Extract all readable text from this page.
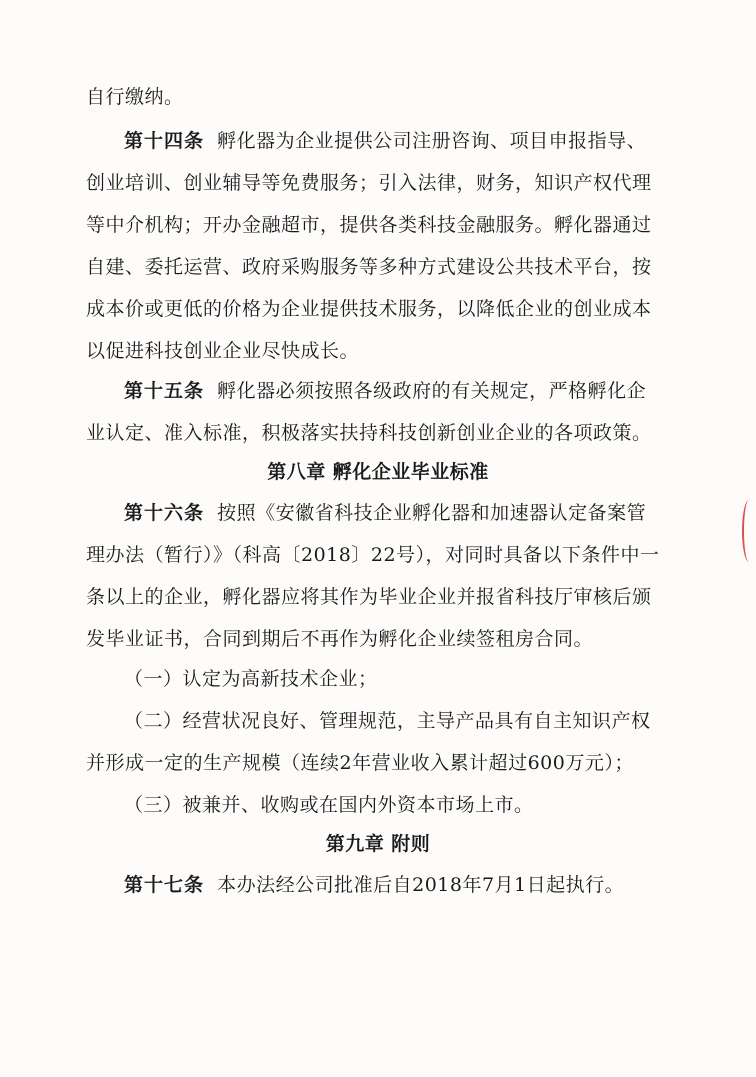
自行缴纳。
第十四条 孵化器为企业提供公司注册咨询、项目申报指导、
创业培训、创业辅导等免费服务；引入法律，财务，知识产权代理
等中介机构；开办金融超市，提供各类科技金融服务。孵化器通过
自建、委托运营、政府采购服务等多种方式建设公共技术平台，按
成本价或更低的价格为企业提供技术服务，以降低企业的创业成本
以促进科技创业企业尽快成长。
第十五条 孵化器必须按照各级政府的有关规定，严格孵化企
业认定、准入标准，积极落实扶持科技创新创业企业的各项政策。
第八章 孵化企业毕业标准
第十六条 按照《安徽省科技企业孵化器和加速器认定备案管
理办法（暂行）》（科高〔2018〕22号），对同时具备以下条件中一
条以上的企业，孵化器应将其作为毕业企业并报省科技厅审核后颁
发毕业证书，合同到期后不再作为孵化企业续签租房合同。
（一）认定为高新技术企业；
（二）经营状况良好、管理规范，主导产品具有自主知识产权
并形成一定的生产规模（连续2年营业收入累计超过600万元）；
（三）被兼并、收购或在国内外资本市场上市。
第九章 附则
第十七条 本办法经公司批准后自2018年7月1日起执行。
